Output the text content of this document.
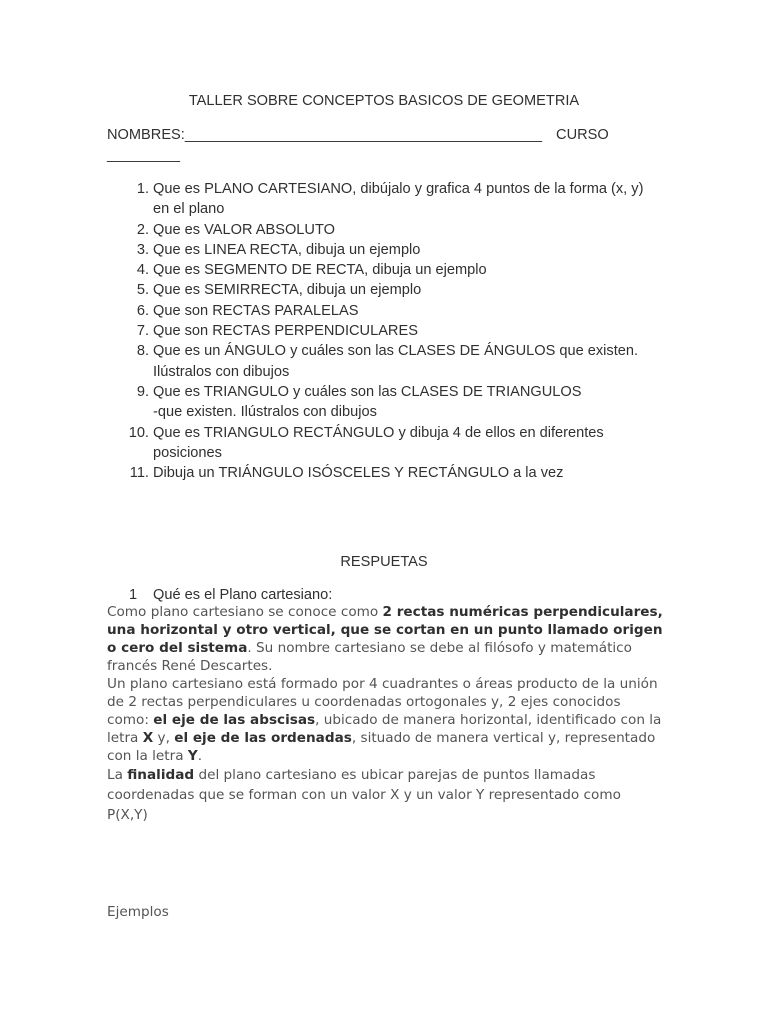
TALLER SOBRE CONCEPTOS BASICOS DE GEOMETRIA
NOMBRES:____________________________________________ CURSO
_________
1. Que es PLANO CARTESIANO, dibújalo y grafica 4 puntos de la forma (x, y)
en el plano
2. Que es VALOR ABSOLUTO
3. Que es LINEA RECTA, dibuja un ejemplo
4. Que es SEGMENTO DE RECTA, dibuja un ejemplo
5. Que es SEMIRRECTA, dibuja un ejemplo
6. Que son RECTAS PARALELAS
7. Que son RECTAS PERPENDICULARES
8. Que es un ÁNGULO y cuáles son las CLASES DE ÁNGULOS que existen.
Ilústralos con dibujos
9. Que es TRIANGULO y cuáles son las CLASES DE TRIANGULOS
-que existen. Ilústralos con dibujos
10. Que es TRIANGULO RECTÁNGULO y dibuja 4 de ellos en diferentes
posiciones
11. Dibuja un TRIÁNGULO ISÓSCELES Y RECTÁNGULO a la vez
RESPUETAS
1 Qué es el Plano cartesiano:

Como plano cartesiano se conoce como 2 rectas numéricas perpendiculares, una horizontal y otro vertical, que se cortan en un punto llamado origen o cero del sistema. Su nombre cartesiano se debe al filósofo y matemático francés René Descartes.

Un plano cartesiano está formado por 4 cuadrantes o áreas producto de la unión de 2 rectas perpendiculares u coordenadas ortogonales y, 2 ejes conocidos como: el eje de las abscisas, ubicado de manera horizontal, identificado con la letra X y, el eje de las ordenadas, situado de manera vertical y, representado con la letra Y.

La finalidad del plano cartesiano es ubicar parejas de puntos llamadas coordenadas que se forman con un valor X y un valor Y representado como P(X,Y)

Ejemplos
